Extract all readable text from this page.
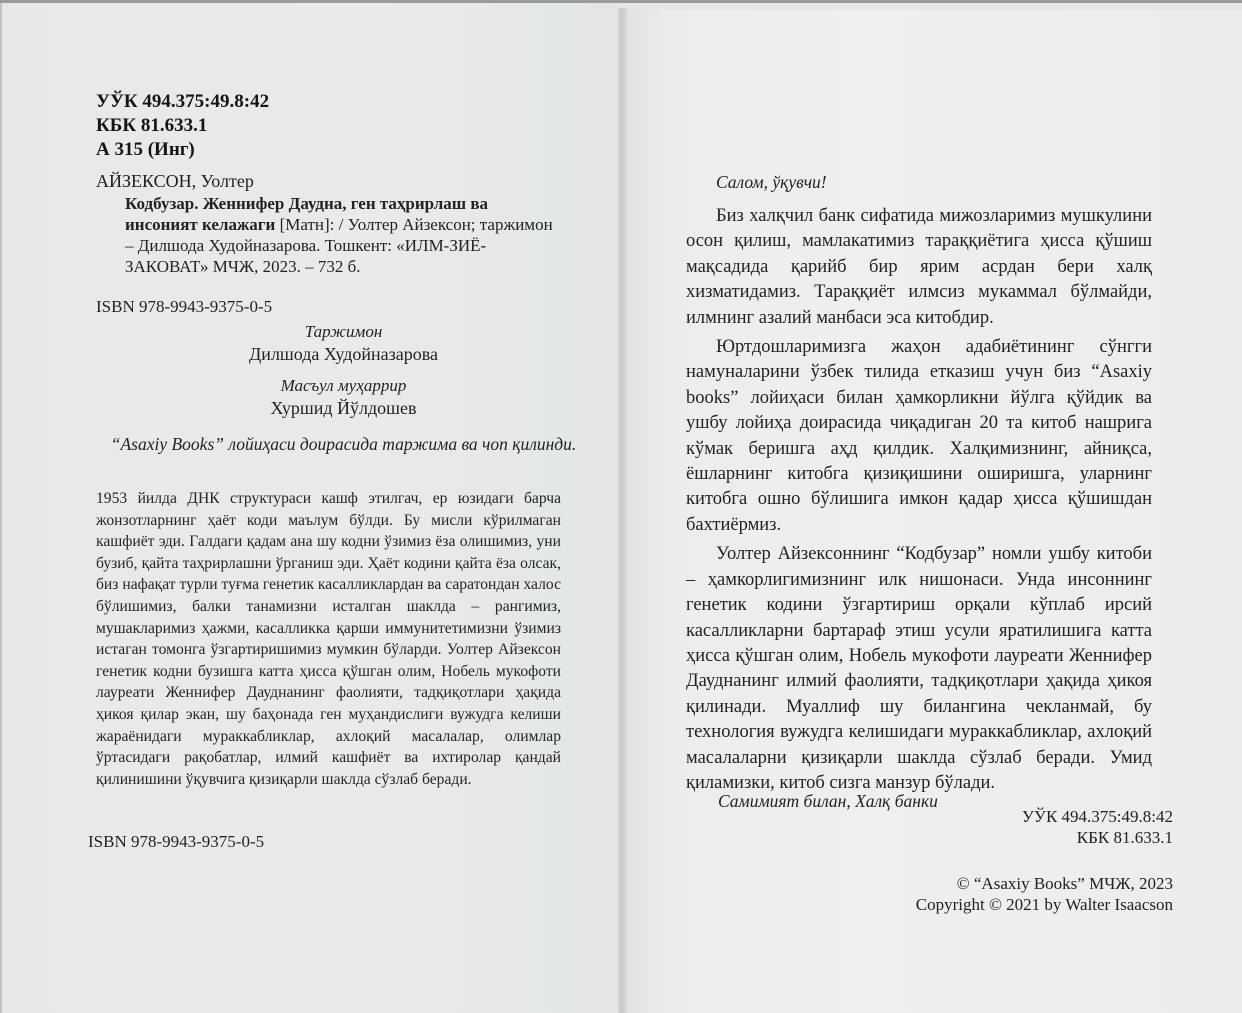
УЎК 494.375:49.8:42
КБК 81.633.1
А 315 (Инг)
АЙЗЕКСОН, Уолтер
Кодбузар. Женнифер Даудна, ген таҳрирлаш ва инсоният келажаги [Матн]: / Уолтер Айзексон; таржимон – Дилшода Худойназарова. Тошкент: «ИЛМ-ЗИЁ-ЗАКОВАТ» МЧЖ, 2023. – 732 б.
ISBN 978-9943-9375-0-5
Таржимон
Дилшода Худойназарова
Масъул муҳаррир
Хуршид Йўлдошев
“Asaxiy Books” лойиҳаси доирасида таржима ва чоп қилинди.
1953 йилда ДНК структураси кашф этилгач, ер юзидаги барча жонзотларнинг ҳаёт коди маълум бўлди. Бу мисли кўрилмаган кашфиёт эди. Галдаги қадам ана шу кодни ўзимиз ёза олишимиз, уни бузиб, қайта таҳрирлашни ўрганиш эди. Ҳаёт кодини қайта ёза олсак, биз нафақат турли туғма генетик касалликлардан ва саратондан халос бўлишимиз, балки танамизни исталган шаклда – рангимиз, мушакларимиз ҳажми, касалликка қарши иммунитетимизни ўзимиз истаган томонга ўзгартиришимиз мумкин бўларди. Уолтер Айзексон генетик кодни бузишга катта ҳисса қўшган олим, Нобель мукофоти лауреати Женнифер Дауднанинг фаолияти, тадқиқотлари ҳақида ҳикоя қилар экан, шу баҳонада ген муҳандислиги вужудга келиши жараёнидаги мураккабликлар, ахлоқий масалалар, олимлар ўртасидаги рақобатлар, илмий кашфиёт ва ихтиролар қандай қилинишини ўқувчига қизиқарли шаклда сўзлаб беради.
УЎК 494.375:49.8:42
КБК 81.633.1
ISBN 978-9943-9375-0-5
© “Asaxiy Books” МЧЖ, 2023
Copyright © 2021 by Walter Isaacson
Салом, ўқувчи!

Биз халқчил банк сифатида мижозларимиз мушкулини осон қилиш, мамлакатимиз тараққиётига ҳисса қўшиш мақсадида қарийб бир ярим асрдан бери халқ хизматидамиз. Тараққиёт илмсиз мукаммал бўлмайди, илмнинг азалий манбаси эса китобдир.

Юртдошларимизга жаҳон адабиётининг сўнгги намуналарини ўзбек тилида етказиш учун биз “Asaxiy books” лойиҳаси билан ҳамкорликни йўлга қўйдик ва ушбу лойиҳа доирасида чиқадиган 20 та китоб нашрига кўмак беришга аҳд қилдик. Халқимизнинг, айниқса, ёшларнинг китобга қизиқишини оширишга, уларнинг китобга ошно бўлишига имкон қадар ҳисса қўшишдан бахтиёрмиз.

Уолтер Айзексоннинг “Кодбузар” номли ушбу китоби – ҳамкорлигимизнинг илк нишонаси. Унда инсоннинг генетик кодини ўзгартириш орқали кўплаб ирсий касалликларни бартараф этиш усули яратилишига катта ҳисса қўшган олим, Нобель мукофоти лауреати Женнифер Дауднанинг илмий фаолияти, тадқиқотлари ҳақида ҳикоя қилинади. Муаллиф шу билангина чекланмай, бу технология вужудга келишидаги мураккабликлар, ахлоқий масалаларни қизиқарли шаклда сўзлаб беради. Умид қиламизки, китоб сизга манзур бўлади.

Самимият билан, Халқ банки
